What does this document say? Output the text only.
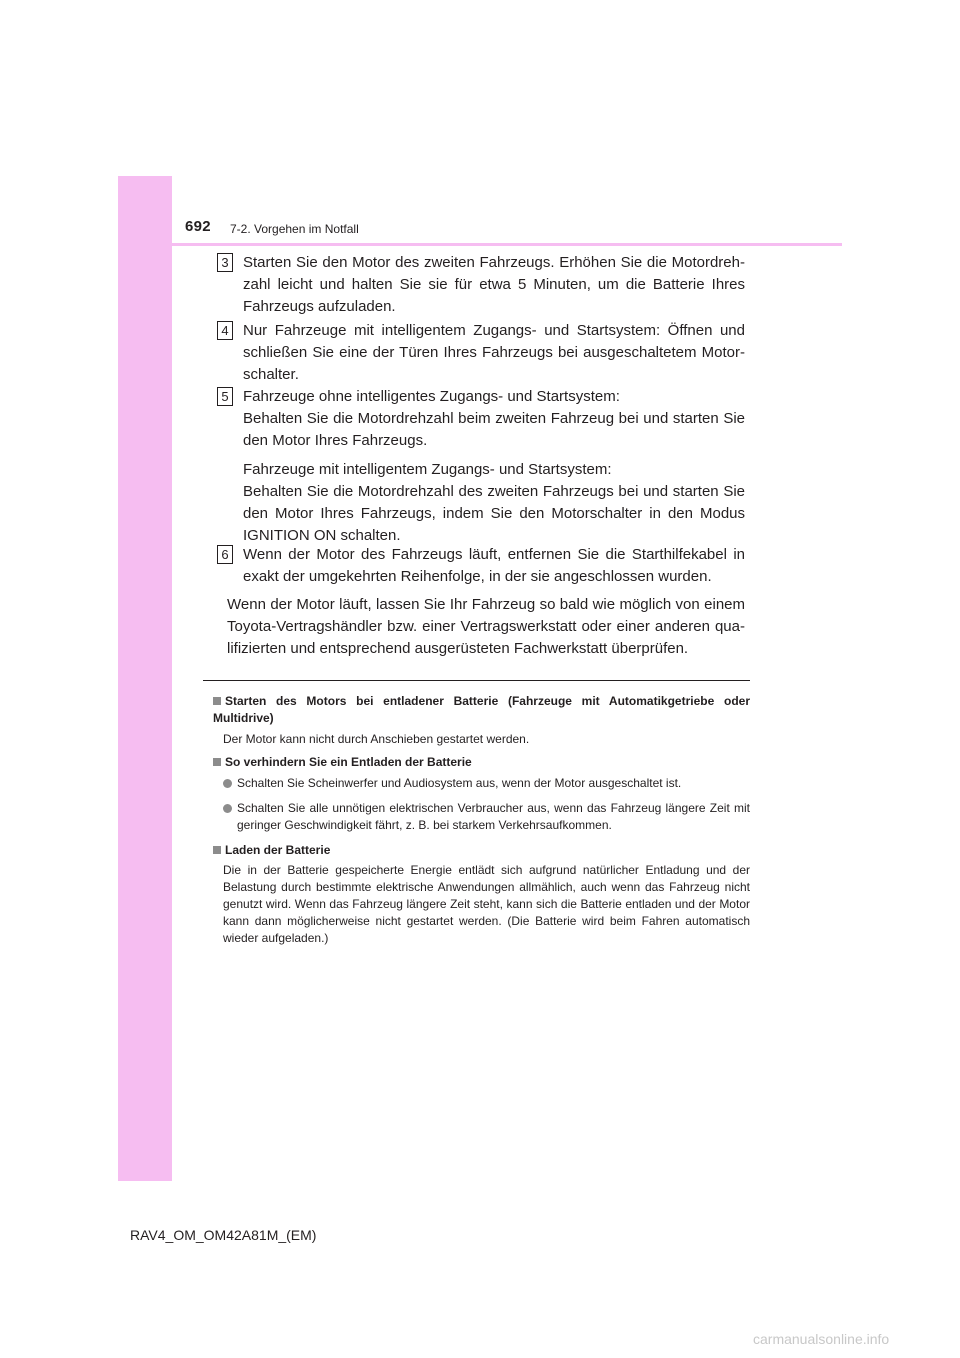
692 7-2. Vorgehen im Notfall
3 Starten Sie den Motor des zweiten Fahrzeugs. Erhöhen Sie die Motordrehzahl leicht und halten Sie sie für etwa 5 Minuten, um die Batterie Ihres Fahrzeugs aufzuladen.

4 Nur Fahrzeuge mit intelligentem Zugangs- und Startsystem: Öffnen und schließen Sie eine der Türen Ihres Fahrzeugs bei ausgeschaltetem Motorschalter.

5 Fahrzeuge ohne intelligentes Zugangs- und Startsystem:

Behalten Sie die Motordrehzahl beim zweiten Fahrzeug bei und starten Sie den Motor Ihres Fahrzeugs.

Fahrzeuge mit intelligentem Zugangs- und Startsystem:

Behalten Sie die Motordrehzahl des zweiten Fahrzeugs bei und starten Sie den Motor Ihres Fahrzeugs, indem Sie den Motorschalter in den Modus IGNITION ON schalten.

6 Wenn der Motor des Fahrzeugs läuft, entfernen Sie die Starthilfekabel in exakt der umgekehrten Reihenfolge, in der sie angeschlossen wurden.

Wenn der Motor läuft, lassen Sie Ihr Fahrzeug so bald wie möglich von einem Toyota-Vertragshändler bzw. einer Vertragswerkstatt oder einer anderen qualifizierten und entsprechend ausgerüsteten Fachwerkstatt überprüfen.

Starten des Motors bei entladener Batterie (Fahrzeuge mit Automatikgetriebe oder Multidrive)

Der Motor kann nicht durch Anschieben gestartet werden.

So verhindern Sie ein Entladen der Batterie

Schalten Sie Scheinwerfer und Audiosystem aus, wenn der Motor ausgeschaltet ist.
Schalten Sie alle unnötigen elektrischen Verbraucher aus, wenn das Fahrzeug längere Zeit mit geringer Geschwindigkeit fährt, z. B. bei starkem Verkehrsaufkommen.

Laden der Batterie

Die in der Batterie gespeicherte Energie entlädt sich aufgrund natürlicher Entladung und der Belastung durch bestimmte elektrische Anwendungen allmählich, auch wenn das Fahrzeug nicht genutzt wird. Wenn das Fahrzeug längere Zeit steht, kann sich die Batterie entladen und der Motor kann dann möglicherweise nicht gestartet werden. (Die Batterie wird beim Fahren automatisch wieder aufgeladen.)

RAV4_OM_OM42A81M_(EM)
carmanualsonline.info
